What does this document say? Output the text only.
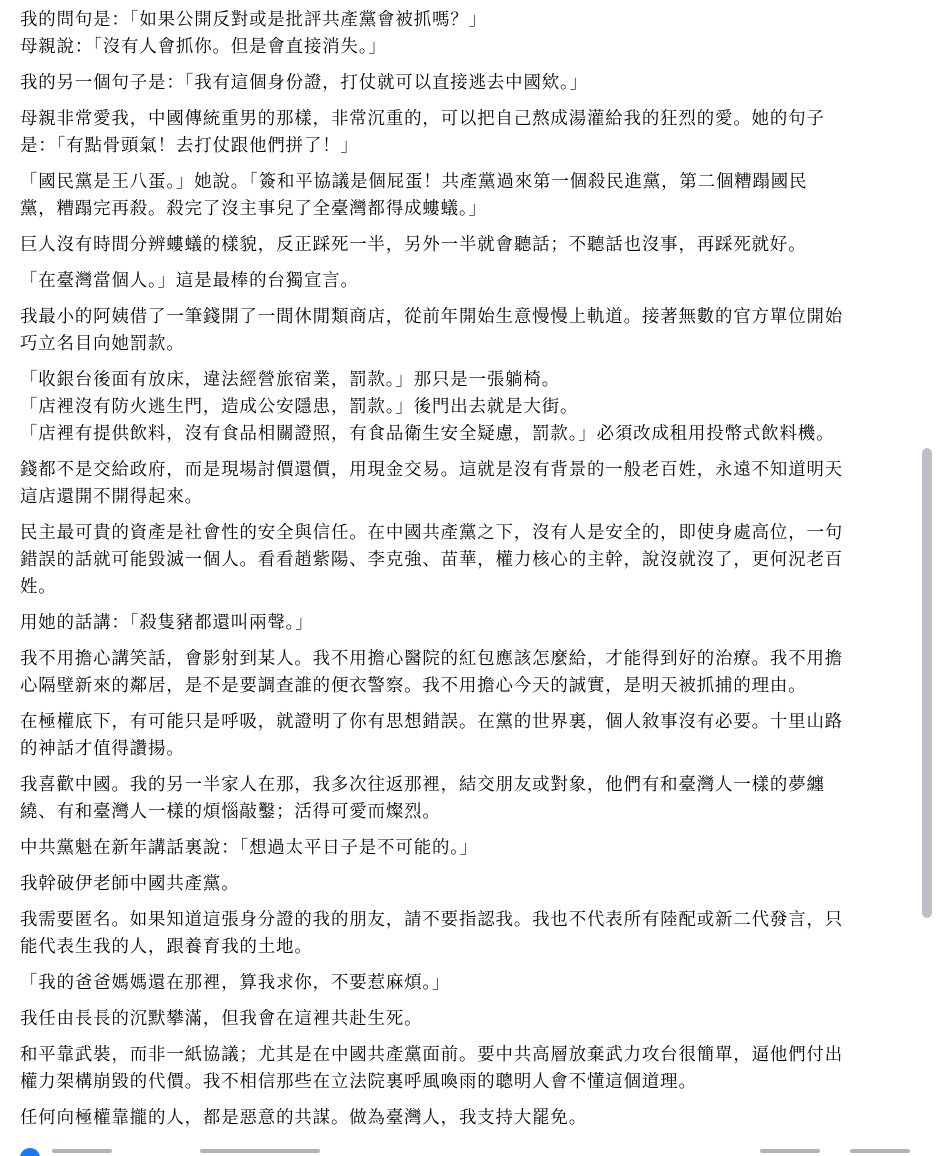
我的問句是：「如果公開反對或是批評共產黨會被抓嗎？」
母親說：「沒有人會抓你。但是會直接消失。」

我的另一個句子是：「我有這個身份證，打仗就可以直接逃去中國欸。」

母親非常愛我，中國傳統重男的那樣，非常沉重的，可以把自己熬成湯灌給我的狂烈的愛。她的句子
是：「有點骨頭氣！去打仗跟他們拼了！」

「國民黨是王八蛋。」她說。「簽和平協議是個屁蛋！共產黨過來第一個殺民進黨，第二個糟蹋國民
黨，糟蹋完再殺。殺完了沒主事兒了全臺灣都得成螻蟻。」

巨人沒有時間分辨螻蟻的樣貌，反正踩死一半，另外一半就會聽話；不聽話也沒事，再踩死就好。

「在臺灣當個人。」這是最棒的台獨宣言。

我最小的阿姨借了一筆錢開了一間休閒類商店，從前年開始生意慢慢上軌道。接著無數的官方單位開始
巧立名目向她罰款。

「收銀台後面有放床，違法經營旅宿業，罰款。」那只是一張躺椅。
「店裡沒有防火逃生門，造成公安隱患，罰款。」後門出去就是大街。
「店裡有提供飲料，沒有食品相關證照，有食品衛生安全疑慮，罰款。」必須改成租用投幣式飲料機。

錢都不是交給政府，而是現場討價還價，用現金交易。這就是沒有背景的一般老百姓，永遠不知道明天
這店還開不開得起來。

民主最可貴的資產是社會性的安全與信任。在中國共產黨之下，沒有人是安全的，即使身處高位，一句
錯誤的話就可能毀滅一個人。看看趙紫陽、李克強、苗華，權力核心的主幹，說沒就沒了，更何況老百
姓。

用她的話講：「殺隻豬都還叫兩聲。」

我不用擔心講笑話，會影射到某人。我不用擔心醫院的紅包應該怎麼給，才能得到好的治療。我不用擔
心隔壁新來的鄰居，是不是要調查誰的便衣警察。我不用擔心今天的誠實，是明天被抓捕的理由。

在極權底下，有可能只是呼吸，就證明了你有思想錯誤。在黨的世界裏，個人敘事沒有必要。十里山路
的神話才值得讚揚。

我喜歡中國。我的另一半家人在那，我多次往返那裡，結交朋友或對象，他們有和臺灣人一樣的夢纏
繞、有和臺灣人一樣的煩惱敲鑿；活得可愛而燦烈。

中共黨魁在新年講話裏說：「想過太平日子是不可能的。」

我幹破伊老師中國共產黨。

我需要匿名。如果知道這張身分證的我的朋友，請不要指認我。我也不代表所有陸配或新二代發言，只
能代表生我的人，跟養育我的土地。

「我的爸爸媽媽還在那裡，算我求你，不要惹麻煩。」

我任由長長的沉默攀滿，但我會在這裡共赴生死。

和平靠武裝，而非一紙協議；尤其是在中國共產黨面前。要中共高層放棄武力攻台很簡單，逼他們付出
權力架構崩毀的代價。我不相信那些在立法院裏呼風喚雨的聰明人會不懂這個道理。

任何向極權靠攏的人，都是惡意的共謀。做為臺灣人，我支持大罷免。
